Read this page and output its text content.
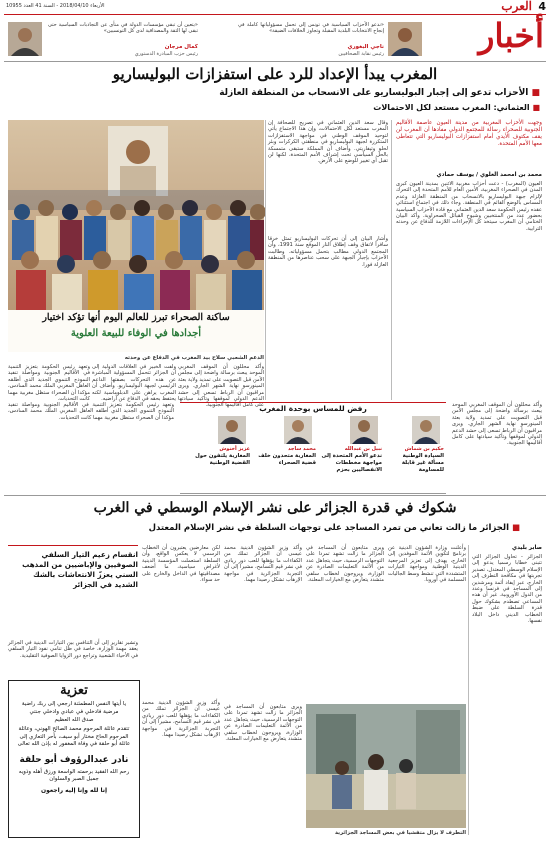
4
العرب
الأربعاء 2018/04/10 - السنة 41 العدد 10955
أخبار
«ندعو الأحزاب السياسية في تونس إلى تحمل مسؤولياتها كاملة في إنجاح الانتخابات البلدية المقبلة وتجاوز الخلافات الضيقة»
ناجي البغوري
رئيس نقابة الصحافيين
«يتعين أن تبقى مؤسسات الدولة في منأى عن التجاذبات السياسية حتى تبقى لها الثقة والمصداقية لدى كل التونسيين»
كمال مرجان
رئيس حزب المبادرة الدستوري
المغرب يبدأ الإعداد للرد على استفزازات البوليساريو
■ الأحزاب تدعو إلى إجبار البوليساريو على الانسحاب من المنطقة العازلة
■ العثماني: المغرب مستعد لكل الاحتمالات
وجهت الأحزاب المغربية من مدينة العيون عاصمة الأقاليم الجنوبية للصحراء رسالة للمجتمع الدولي مفادها أن المغرب لن يقف مكتوف الأيدي أمام استفزازات البوليساريو التي تتعاطى معها الأمم المتحدة.
محمد بن امحمد العلوي / يوسف حمادي
العيون (المغرب) - دعت أحزاب مغربية الاثنين بمدينة العيون كبرى المدن في الصحراء المغربية، الأمين العام للأمم المتحدة إلى التحرك لإلزام جبهة البوليساريو بالانسحاب من المنطقة العازلة وعدم المساس بالوضع القائم في المنطقة. وجاء ذلك في اجتماع استثنائي عقده رئيس الحكومة سعد الدين العثماني مع قادة الأحزاب السياسية بحضور عدد من المنتخبين وشيوخ القبائل الصحراوية. وأكد البيان الختامي أن المغرب سيتخذ كل الإجراءات اللازمة للدفاع عن وحدته الترابية.
وقال سعد الدين العثماني في تصريح للصحافة إن المغرب مستعد لكل الاحتمالات، وإن هذا الاجتماع يأتي لتوحيد الموقف الوطني في مواجهة الاستفزازات المتكررة لجبهة البوليساريو في منطقتي الكركرات وبئر لحلو وتيفاريتي. وأضاف أن المملكة ستبقى متمسكة بالحل السياسي تحت إشراف الأمم المتحدة، لكنها لن تقبل أي تغيير للوضع على الأرض.
ساكنة الصحراء تبرز للعالم اليوم أنها تؤكد اختيار
أجدادها في الوفاء للبيعة العلوية
الدعم الشعبي سلاح بيد المغرب في الدفاع عن وحدته
وأشار البيان إلى أن تحركات البوليساريو تمثل خرقا سافرا لاتفاق وقف إطلاق النار الموقع سنة 1991، وأن المجتمع الدولي مطالب بتحمل مسؤولياته. وطالبت الأحزاب بإجبار الجبهة على سحب عناصرها من المنطقة العازلة فورا.
وأكد محللون أن الموقف المغربي الموحد يبعث برسالة واضحة إلى مجلس الأمن قبل التصويت على تمديد ولاية بعثة المينورسو نهاية الشهر الجاري. ويرى مراقبون أن الرباط تسعى إلى حشد الدعم الدولي لموقفها وتأكيد سيادتها على كامل أقاليمها الجنوبية.
ولفت الخبير في العلاقات الدولية إلى أن الجزائر تتحمل المسؤولية المباشرة عن هذه التحركات بصفتها الداعم الرئيسي لجبهة البوليساريو. وأضاف أن المغرب يراهن على الدبلوماسية لكنه يحتفظ بحقه في الدفاع عن أراضيه.
وتعهد رئيس الحكومة بتعزيز التنمية في الأقاليم الجنوبية ومواصلة تنفيذ النموذج التنموي الجديد الذي أطلقه العاهل المغربي الملك محمد السادس، مؤكدا أن الصحراء ستظل مغربية مهما كانت التحديات.
رفض للمساس بوحدة المغرب
حكيم بن شماش
السيادة الوطنية مسألة غير قابلة للمساومة
نبيل بن عبدالله
ندعو الأمم المتحدة إلى مواجهة مخططات الانفصاليين بحزم
محمد ساجد
المغاربة متحدون خلف قضية الصحراء
عزيز أخنوش
المغاربة يلتفون حول القضية الوطنية
وتعهد رئيس الحكومة بتعزيز التنمية في الأقاليم الجنوبية ومواصلة تنفيذ النموذج التنموي الجديد الذي أطلقه العاهل المغربي الملك محمد السادس، مؤكدا أن الصحراء ستظل مغربية مهما كانت التحديات.
وأكد محللون أن الموقف المغربي الموحد يبعث برسالة واضحة إلى مجلس الأمن قبل التصويت على تمديد ولاية بعثة المينورسو نهاية الشهر الجاري. ويرى مراقبون أن الرباط تسعى إلى حشد الدعم الدولي لموقفها وتأكيد سيادتها على كامل أقاليمها الجنوبية.
شكوك في قدرة الجزائر على نشر الإسلام الوسطي في الغرب
■ الجزائر ما زالت تعاني من تمرد المساجد على توجهات السلطة في نشر الإسلام المعتدل
صابر بليدي
الجزائر - تحاول الجزائر التي تتبنى خطابا رسميا يدعو إلى الإسلام الوسطي المعتدل، تصدير تجربتها في مكافحة التطرف إلى الخارج، عبر إيفاد أئمة ومرشدين إلى المساجد في فرنسا وعدد من الدول الأوروبية. غير أن هذه المساعي تصطدم بشكوك حول قدرة السلطة على ضبط الخطاب الديني داخل البلاد نفسها.
وأعلنت وزارة الشؤون الدينية عن برنامج لتكوين الأئمة الموفدين إلى الخارج، يهدف إلى تعزيز المرجعية الدينية الوطنية ومواجهة التيارات المتشددة التي تنشط وسط الجاليات المسلمة في أوروبا.
ويرى متابعون أن المساجد في الجزائر ما زالت تشهد تمردا على التوجهات الرسمية، حيث يتجاهل عدد من الأئمة التعليمات الصادرة عن الوزارة، ويروجون لخطاب سلفي متشدد يتعارض مع الخيارات المعلنة.
وأكد وزير الشؤون الدينية محمد عيسى أن الجزائر تملك من الكفاءات ما يؤهلها للعب دور ريادي في نشر قيم التسامح، مشيرا إلى أن التجربة الجزائرية في مواجهة الإرهاب تشكل رصيدا مهما.
لكن معارضين يعتبرون أن الخطاب الرسمي لا يعكس الواقع، وأن السلطة استعملت المؤسسة الدينية لأغراض سياسية، ما أضعف مصداقيتها في الداخل والخارج على حد سواء.
التطرف لا يزال متفشيا في بعض المساجد الجزائرية
ويرى متابعون أن المساجد في الجزائر ما زالت تشهد تمردا على التوجهات الرسمية، حيث يتجاهل عدد من الأئمة التعليمات الصادرة عن الوزارة، ويروجون لخطاب سلفي متشدد يتعارض مع الخيارات المعلنة.
وأكد وزير الشؤون الدينية محمد عيسى أن الجزائر تملك من الكفاءات ما يؤهلها للعب دور ريادي في نشر قيم التسامح، مشيرا إلى أن التجربة الجزائرية في مواجهة الإرهاب تشكل رصيدا مهما.
انقسام زعيم التيار السلفي الصوفيين والإباضيين من المذهب السني يعززّ الانتعاشات بالشك الشديد في الجزائر
وتشير تقارير إلى أن التنافس بين التيارات الدينية في الجزائر يعقد مهمة الوزارة، خاصة في ظل تنامي نفوذ التيار السلفي في الأحياء الشعبية وتراجع دور الزوايا الصوفية التقليدية.
تعزية
يا أيتها النفس المطمئنة ارجعي إلى ربك راضية مرضية فادخلي في عبادي وادخلي جنتي
صدق الله العظيم
تتقدم عائلة المرحوم محمد الصالح الهوني، وعائلة المرحوم الحاج مختار أبو سيف، بأحر التعازي إلى عائلة أبو حلقة في وفاة المغفور له بإذن الله تعالى
نادر عبدالرؤوف أبو حلقة
رحم الله الفقيد برحمته الواسعة ورزق أهله وذويه جميل الصبر والسلوان
إنا لله وإنا إليه راجعون
